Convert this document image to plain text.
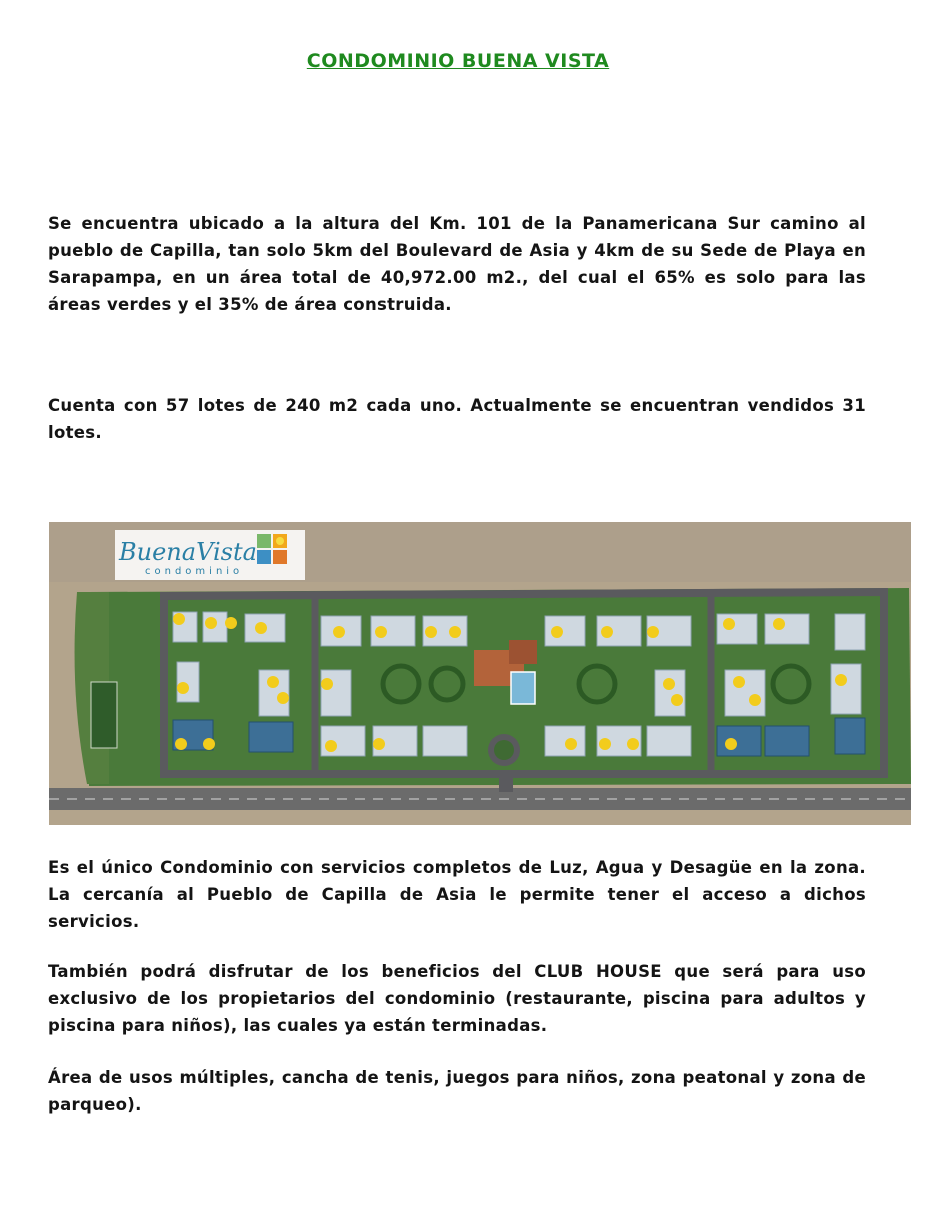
CONDOMINIO BUENA VISTA

Se encuentra ubicado a la altura del Km. 101 de la Panamericana Sur camino al pueblo de Capilla, tan solo 5km del Boulevard de Asia y 4km de su Sede de Playa en Sarapampa, en un área total de 40,972.00 m2., del cual el 65% es solo para las áreas verdes y el 35% de área construida.

Cuenta con 57 lotes de 240 m2 cada uno. Actualmente se encuentran vendidos 31 lotes.

BuenaVista
condominio

Es el único Condominio con servicios completos de Luz, Agua y Desagüe en la zona. La cercanía al Pueblo de Capilla de Asia le permite tener el acceso a dichos servicios.

También podrá disfrutar de los beneficios del CLUB HOUSE que será para uso exclusivo de los propietarios del condominio (restaurante, piscina para adultos y piscina para niños), las cuales ya están terminadas.

Área de usos múltiples, cancha de tenis, juegos para niños, zona peatonal y zona de parqueo).
